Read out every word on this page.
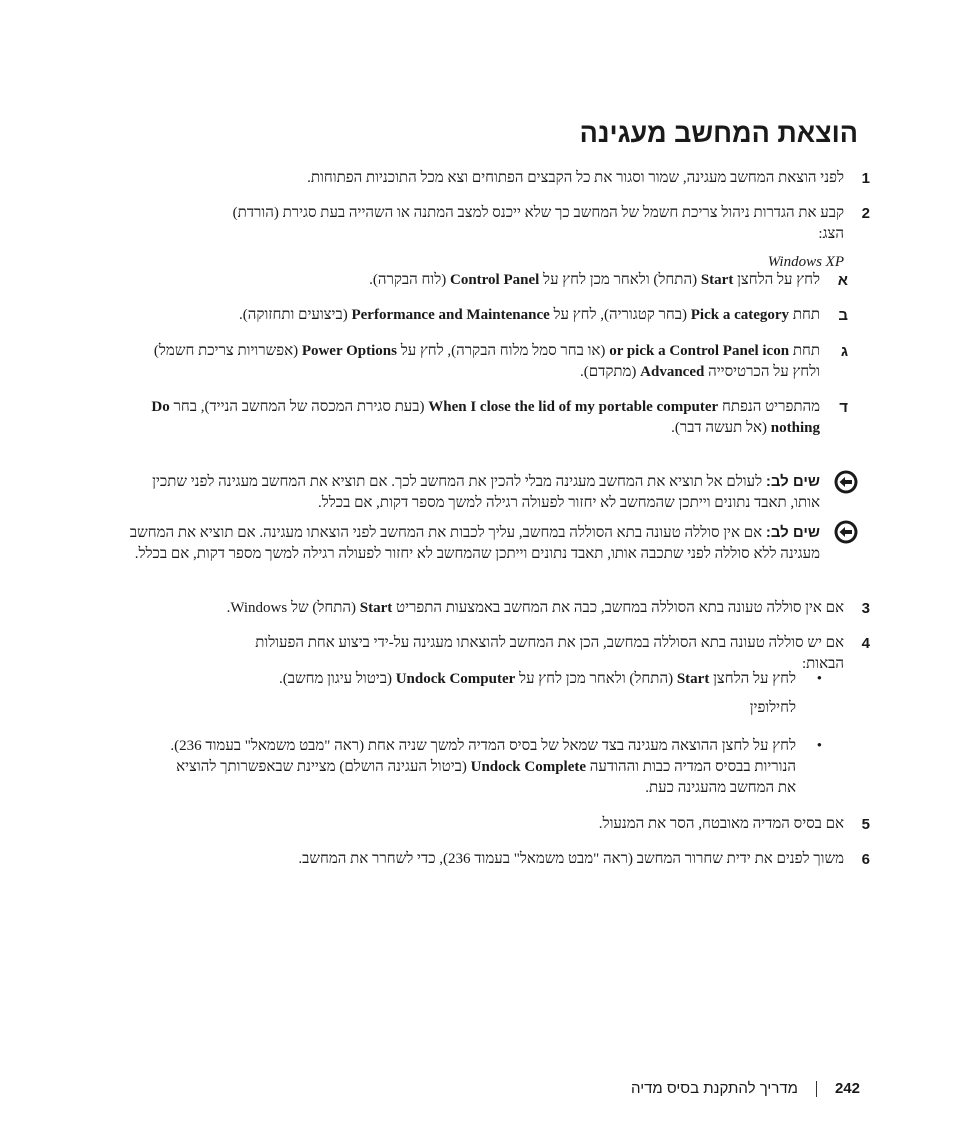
הוצאת המחשב מעגינה
1
לפני הוצאת המחשב מעגינה, שמור וסגור את כל הקבצים הפתוחים וצא מכל התוכניות הפתוחות.
2
קבע את הגדרות ניהול צריכת חשמל של המחשב כך שלא ייכנס למצב המתנה או השהייה בעת סגירת (הורדת) הצג:
Windows XP
א
לחץ על הלחצן Start (התחל) ולאחר מכן לחץ על Control Panel (לוח הבקרה).
ב
תחת Pick a category (בחר קטגוריה), לחץ על Performance and Maintenance (ביצועים ותחזוקה).
ג
תחת or pick a Control Panel icon (או בחר סמל מלוח הבקרה), לחץ על Power Options (אפשרויות צריכת חשמל) ולחץ על הכרטיסייה Advanced (מתקדם).
ד
מהתפריט הנפתח When I close the lid of my portable computer (בעת סגירת המכסה של המחשב הנייד), בחר Do nothing (אל תעשה דבר).
שים לב: לעולם אל תוציא את המחשב מעגינה מבלי להכין את המחשב לכך. אם תוציא את המחשב מעגינה לפני שתכין אותו, תאבד נתונים וייתכן שהמחשב לא יחזור לפעולה רגילה למשך מספר דקות, אם בכלל.
שים לב: אם אין סוללה טעונה בתא הסוללה במחשב, עליך לכבות את המחשב לפני הוצאתו מעגינה. אם תוציא את המחשב מעגינה ללא סוללה לפני שתכבה אותו, תאבד נתונים וייתכן שהמחשב לא יחזור לפעולה רגילה למשך מספר דקות, אם בכלל.
3
אם אין סוללה טעונה בתא הסוללה במחשב, כבה את המחשב באמצעות התפריט Start (התחל) של Windows.
4
אם יש סוללה טעונה בתא הסוללה במחשב, הכן את המחשב להוצאתו מעגינה על-ידי ביצוע אחת הפעולות הבאות:
•
לחץ על הלחצן Start (התחל) ולאחר מכן לחץ על Undock Computer (ביטול עיגון מחשב).
לחילופין
•
לחץ על לחצן ההוצאה מעגינה בצד שמאל של בסיס המדיה למשך שניה אחת (ראה "מבט משמאל" בעמוד 236). הנוריות בבסיס המדיה כבות וההודעה Undock Complete (ביטול העגינה הושלם) מציינת שבאפשרותך להוציא את המחשב מהעגינה כעת.
5
אם בסיס המדיה מאובטח, הסר את המנעול.
6
משוך לפנים את ידית שחרור המחשב (ראה "מבט משמאל" בעמוד 236), כדי לשחרר את המחשב.
242
מדריך להתקנת בסיס מדיה
